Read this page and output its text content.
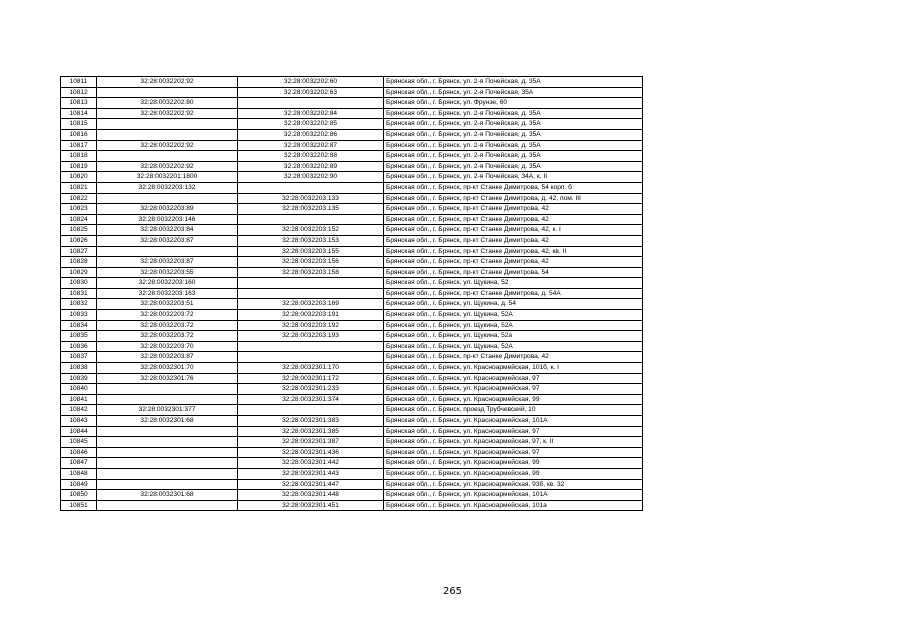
10811	32:28:0032202:92	32:28:0032202:60	Брянская обл., г. Брянск, ул. 2-я Почейская, д. 35А
10812		32:28:0032202:63	Брянская обл., г. Брянск, ул. 2-я Почейская, 35А
10813	32:28:0032202:80		Брянская обл., г. Брянск, ул. Фрунзе, 60
10814	32:28:0032202:92	32:28:0032202:84	Брянская обл., г. Брянск, ул. 2-я Почейская, д. 35А
10815		32:28:0032202:85	Брянская обл., г. Брянск, ул. 2-я Почейская, д. 35А
10816		32:28:0032202:86	Брянская обл., г. Брянск, ул. 2-я Почейская, д. 35А
10817	32:28:0032202:92	32:28:0032202:87	Брянская обл., г. Брянск, ул. 2-я Почейская, д. 35А
10818		32:28:0032202:88	Брянская обл., г. Брянск, ул. 2-я Почейская, д. 35А
10819	32:28:0032202:92	32:28:0032202:89	Брянская обл., г. Брянск, ул. 2-я Почейская, д. 35А
10820	32:28:0032201:1800	32:28:0032202:90	Брянская обл., г. Брянск, ул. 2-я Почейская, 34А, к. II
10821	32:28:0032203:132		Брянская обл., г. Брянск, пр-кт Станке Димитрова, 54 корп. б
10822		32:28:0032203:133	Брянская обл., г. Брянск, пр-кт Станке Димитрова, д. 42, пом. III
10823	32:28:0032203:89	32:28:0032203:135	Брянская обл., г. Брянск, пр-кт Станке Димитрова, 42
10824	32:28:0032203:146		Брянская обл., г. Брянск, пр-кт Станке Димитрова, 42
10825	32:28:0032203:84	32:28:0032203:152	Брянская обл., г. Брянск, пр-кт Станке Димитрова, 42, к. I
10826	32:28:0032203:87	32:28:0032203:153	Брянская обл., г. Брянск, пр-кт Станке Димитрова, 42
10827		32:28:0032203:155	Брянская обл., г. Брянск, пр-кт Станке Димитрова, 42, кв. II
10828	32:28:0032203:87	32:28:0032203:156	Брянская обл., г. Брянск, пр-кт Станке Димитрова, 42
10829	32:28:0032203:55	32:28:0032203:158	Брянская обл., г. Брянск, пр-кт Станке Димитрова, 54
10830	32:28:0032203:160		Брянская обл., г. Брянск, ул. Щукина, 52
10831	32:28:0032203:163		Брянская обл., г. Брянск, пр-кт Станке Димитрова, д. 54А
10832	32:28:0032203:51	32:28:0032203:169	Брянская обл., г. Брянск, ул. Щукина, д. 54
10833	32:28:0032203:72	32:28:0032203:191	Брянская обл., г. Брянск, ул. Щукина, 52А
10834	32:28:0032203:72	32:28:0032203:192	Брянская обл., г. Брянск, ул. Щукина, 52А
10835	32:28:0032203:72	32:28:0032203:193	Брянская обл., г. Брянск, ул. Щукина, 52а
10836	32:28:0032203:70		Брянская обл., г. Брянск, ул. Щукина, 52А
10837	32:28:0032203:87		Брянская обл., г. Брянск, пр-кт Станке Димитрова, 42
10838	32:28:0032301:70	32:28:0032301:170	Брянская обл., г. Брянск, ул. Красноармейская, 101б, к. I
10839	32:28:0032301:76	32:28:0032301:172	Брянская обл., г. Брянск, ул. Красноармейская, 97
10840		32:28:0032301:233	Брянская обл., г. Брянск, ул. Красноармейская, 97
10841		32:28:0032301:374	Брянская обл., г. Брянск, ул. Красноармейская, 99
10842	32:28:0032301:377		Брянская обл., г. Брянск, проезд Трубчевский, 10
10843	32:28:0032301:68	32:28:0032301:383	Брянская обл., г. Брянск, ул. Красноармейская, 101А
10844		32:28:0032301:385	Брянская обл., г. Брянск, ул. Красноармейская, 97
10845		32:28:0032301:387	Брянская обл., г. Брянск, ул. Красноармейская, 97, к. II
10846		32:28:0032301:436	Брянская обл., г. Брянск, ул. Красноармейская, 97
10847		32:28:0032301:442	Брянская обл., г. Брянск, ул. Красноармейская, 99
10848		32:28:0032301:443	Брянская обл., г. Брянск, ул. Красноармейская, 99
10849		32:28:0032301:447	Брянская обл., г. Брянск, ул. Красноармейская, 93б, кв. 32
10850	32:28:0032301:68	32:28:0032301:448	Брянская обл., г. Брянск, ул. Красноармейская, 101А
10851		32:28:0032301:451	Брянская обл., г. Брянск, ул. Красноармейская, 101а
265
